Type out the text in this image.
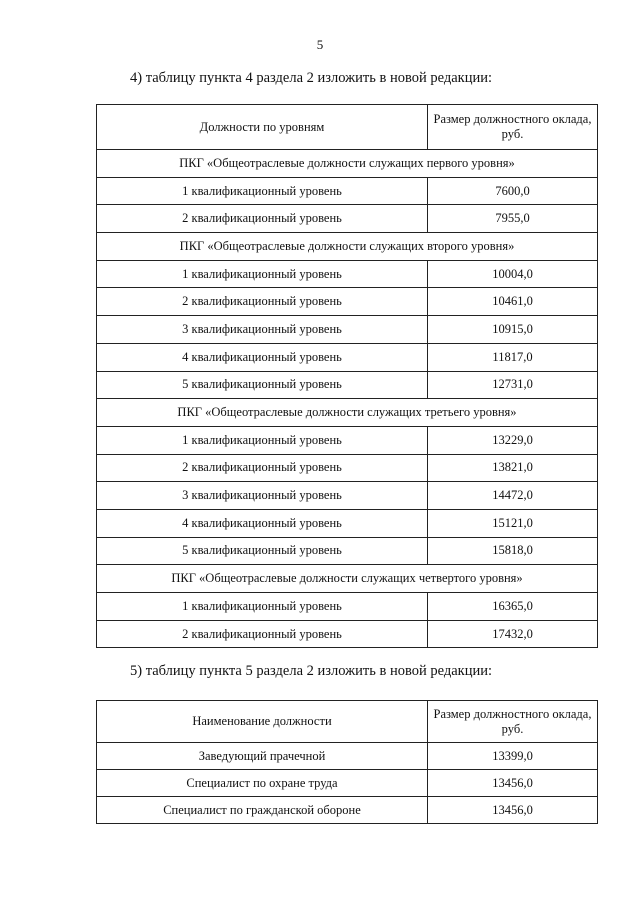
5
4) таблицу пункта 4 раздела 2 изложить в новой редакции:
Должности по уровням	Размер должностного оклада, руб.
ПКГ «Общеотраслевые должности служащих первого уровня»	
1 квалификационный уровень	7600,0
2 квалификационный уровень	7955,0
ПКГ «Общеотраслевые должности служащих второго уровня»	
1 квалификационный уровень	10004,0
2 квалификационный уровень	10461,0
3 квалификационный уровень	10915,0
4 квалификационный уровень	11817,0
5 квалификационный уровень	12731,0
ПКГ «Общеотраслевые должности служащих третьего уровня»	
1 квалификационный уровень	13229,0
2 квалификационный уровень	13821,0
3 квалификационный уровень	14472,0
4 квалификационный уровень	15121,0
5 квалификационный уровень	15818,0
ПКГ «Общеотраслевые должности служащих четвертого уровня»	
1 квалификационный уровень	16365,0
2 квалификационный уровень	17432,0
5) таблицу пункта 5 раздела 2 изложить в новой редакции:
Наименование должности	Размер должностного оклада, руб.
Заведующий прачечной	13399,0
Специалист по охране труда	13456,0
Специалист по гражданской обороне	13456,0
